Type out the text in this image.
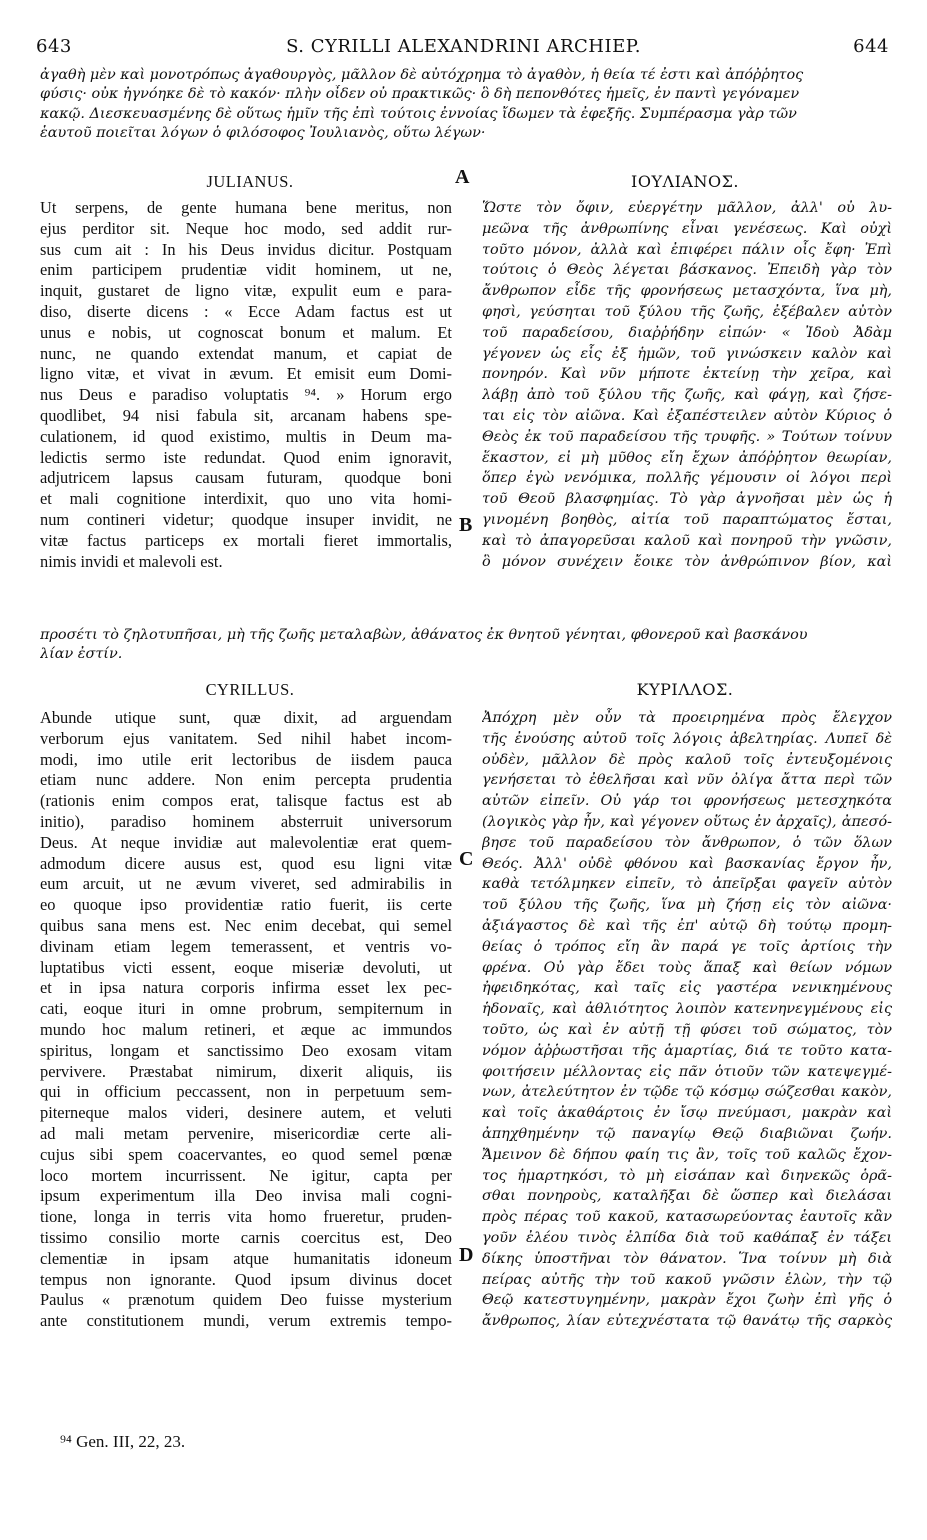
643	S. CYRILLI ALEXANDRINI ARCHIEP.	644
ἀγαθὴ μὲν καὶ μονοτρόπως ἀγαθουργὸς, μᾶλλον δὲ αὐτόχρημα τὸ ἀγαθὸν, ἡ θεία τέ ἐστι καὶ ἀπόῤῥητος
φύσις· οὐκ ἠγνόηκε δὲ τὸ κακόν· πλὴν οἶδεν οὐ πρακτικῶς· ὃ δὴ πεπονθότες ἡμεῖς, ἐν παντὶ γεγόναμεν
κακῷ. Διεσκευασμένης δὲ οὕτως ἡμῖν τῆς ἐπὶ τούτοις ἐννοίας ἴδωμεν τὰ ἐφεξῆς. Συμπέρασμα γὰρ τῶν
ἑαυτοῦ ποιεῖται λόγων ὁ φιλόσοφος Ἰουλιανὸς, οὕτω λέγων·
JULIANUS.	ΙΟΥΛΙΑΝΟΣ.
A
Ut serpens, de gente humana bene meritus, non
ejus perditor sit. Neque hoc modo, sed addit rur-
sus cum ait : In his Deus invidus dicitur. Postquam
enim participem prudentiæ vidit hominem, ut ne,
inquit, gustaret de ligno vitæ, expulit eum e para-
diso, diserte dicens : « Ecce Adam factus est ut
unus e nobis, ut cognoscat bonum et malum. Et
nunc, ne quando extendat manum, et capiat de
ligno vitæ, et vivat in ævum. Et emisit eum Domi-
nus Deus e paradiso voluptatis ⁹⁴. » Horum ergo
quodlibet, 94 nisi fabula sit, arcanam habens spe-
culationem, id quod existimo, multis in Deum ma-
ledictis sermo iste redundat. Quod enim ignoravit,
adjutricem lapsus causam futuram, quodque boni
et mali cognitione interdixit, quo uno vita homi-
num contineri videtur; quodque insuper invidit, ne
vitæ factus particeps ex mortali fieret immortalis,
nimis invidi et malevoli est.
Ὥστε τὸν ὄφιν, εὐεργέτην μᾶλλον, ἀλλ' οὐ λυ-
μεῶνα τῆς ἀνθρωπίνης εἶναι γενέσεως. Καὶ οὐχὶ
τοῦτο μόνον, ἀλλὰ καὶ ἐπιφέρει πάλιν οἷς ἔφη· Ἐπὶ
τούτοις ὁ Θεὸς λέγεται βάσκανος. Ἐπειδὴ γὰρ τὸν
ἄνθρωπον εἶδε τῆς φρονήσεως μετασχόντα, ἵνα μὴ,
φησὶ, γεύσηται τοῦ ξύλου τῆς ζωῆς, ἐξέβαλεν αὐτὸν
τοῦ παραδείσου, διαῤῥήδην εἰπών· « Ἰδοὺ Ἀδὰμ
γέγονεν ὡς εἷς ἐξ ἡμῶν, τοῦ γινώσκειν καλὸν καὶ
πονηρόν. Καὶ νῦν μήποτε ἐκτείνῃ τὴν χεῖρα, καὶ
λάβῃ ἀπὸ τοῦ ξύλου τῆς ζωῆς, καὶ φάγῃ, καὶ ζήσε-
ται εἰς τὸν αἰῶνα. Καὶ ἐξαπέστειλεν αὐτὸν Κύριος ὁ
Θεὸς ἐκ τοῦ παραδείσου τῆς τρυφῆς. » Τούτων τοίνυν
ἕκαστον, εἰ μὴ μῦθος εἴη ἔχων ἀπόῤῥητον θεωρίαν,
ὅπερ ἐγὼ νενόμικα, πολλῆς γέμουσιν οἱ λόγοι περὶ
τοῦ Θεοῦ βλασφημίας. Τὸ γὰρ ἀγνοῆσαι μὲν ὡς ἡ
γινομένη βοηθὸς, αἰτία τοῦ παραπτώματος ἔσται,
καὶ τὸ ἀπαγορεῦσαι καλοῦ καὶ πονηροῦ τὴν γνῶσιν,
ὃ μόνον συνέχειν ἔοικε τὸν ἀνθρώπινον βίον, καὶ
B
προσέτι τὸ ζηλοτυπῆσαι, μὴ τῆς ζωῆς μεταλαβὼν, ἀθάνατος ἐκ θνητοῦ γένηται, φθονεροῦ καὶ βασκάνου
λίαν ἐστίν.
CYRILLUS.	ΚΥΡΙΛΛΟΣ.
Abunde utique sunt, quæ dixit, ad arguendam
verborum ejus vanitatem. Sed nihil habet incom-
modi, imo utile erit lectoribus de iisdem pauca
etiam nunc addere. Non enim percepta prudentia
(rationis enim compos erat, talisque factus est ab
initio), paradiso hominem absterruit universorum
Deus. At neque invidiæ aut malevolentiæ erat quem-
admodum dicere ausus est, quod esu ligni vitæ
eum arcuit, ut ne ævum viveret, sed admirabilis in
eo quoque ipso providentiæ ratio fuerit, iis certe
quibus sana mens est. Nec enim decebat, qui semel
divinam etiam legem temerassent, et ventris vo-
luptatibus victi essent, eoque miseriæ devoluti, ut
et in ipsa natura corporis infirma esset lex pec-
cati, eoque ituri in omne probrum, sempiternum in
mundo hoc malum retineri, et æque ac immundos
spiritus, longam et sanctissimo Deo exosam vitam
pervivere. Præstabat nimirum, dixerit aliquis, iis
qui in officium peccassent, non in perpetuum sem-
piterneque malos videri, desinere autem, et veluti
ad mali metam pervenire, misericordiæ certe ali-
cujus sibi spem coacervantes, eo quod semel pœnæ
loco mortem incurrissent. Ne igitur, capta per
ipsum experimentum illa Deo invisa mali cogni-
tione, longa in terris vita homo frueretur, pruden-
tissimo consilio morte carnis coercitus est, Deo
clementiæ in ipsam atque humanitatis idoneum
tempus non ignorante. Quod ipsum divinus docet
Paulus « prænotum quidem Deo fuisse mysterium
ante constitutionem mundi, verum extremis tempo-
Ἀπόχρη μὲν οὖν τὰ προειρημένα πρὸς ἔλεγχον
τῆς ἐνούσης αὐτοῦ τοῖς λόγοις ἀβελτηρίας. Λυπεῖ δὲ
οὐδὲν, μᾶλλον δὲ πρὸς καλοῦ τοῖς ἐντευξομένοις
γενήσεται τὸ ἐθελῆσαι καὶ νῦν ὀλίγα ἄττα περὶ τῶν
αὐτῶν εἰπεῖν. Οὐ γάρ τοι φρονήσεως μετεσχηκότα
(λογικὸς γὰρ ἦν, καὶ γέγονεν οὕτως ἐν ἀρχαῖς), ἀπεσό-
βησε τοῦ παραδείσου τὸν ἄνθρωπον, ὁ τῶν ὅλων
Θεός. Ἀλλ' οὐδὲ φθόνου καὶ βασκανίας ἔργον ἦν,
καθὰ τετόλμηκεν εἰπεῖν, τὸ ἀπεῖρξαι φαγεῖν αὐτὸν
τοῦ ξύλου τῆς ζωῆς, ἵνα μὴ ζήσῃ εἰς τὸν αἰῶνα·
ἀξιάγαστος δὲ καὶ τῆς ἐπ' αὐτῷ δὴ τούτῳ προμη-
θείας ὁ τρόπος εἴη ἂν παρά γε τοῖς ἀρτίοις τὴν
φρένα. Οὐ γὰρ ἔδει τοὺς ἅπαξ καὶ θείων νόμων
ἠφειδηκότας, καὶ ταῖς εἰς γαστέρα νενικημένους
ἡδοναῖς, καὶ ἀθλιότητος λοιπὸν κατενηνεγμένους εἰς
τοῦτο, ὡς καὶ ἐν αὐτῇ τῇ φύσει τοῦ σώματος, τὸν
νόμον ἀῤῥωστῆσαι τῆς ἁμαρτίας, διά τε τοῦτο κατα-
φοιτήσειν μέλλοντας εἰς πᾶν ὁτιοῦν τῶν κατεψεγμέ-
νων, ἀτελεύτητον ἐν τῷδε τῷ κόσμῳ σώζεσθαι κακὸν,
καὶ τοῖς ἀκαθάρτοις ἐν ἴσῳ πνεύμασι, μακρὰν καὶ
ἀπηχθημένην τῷ παναγίῳ Θεῷ διαβιῶναι ζωήν.
Ἄμεινον δὲ δήπου φαίη τις ἂν, τοῖς τοῦ καλῶς ἔχον-
τος ἡμαρτηκόσι, τὸ μὴ εἰσάπαν καὶ διηνεκῶς ὁρᾶ-
σθαι πονηροὺς, καταλῆξαι δὲ ὥσπερ καὶ διελάσαι
πρὸς πέρας τοῦ κακοῦ, κατασωρεύοντας ἑαυτοῖς κἂν
γοῦν ἐλέου τινὸς ἐλπίδα διὰ τοῦ καθάπαξ ἐν τάξει
δίκης ὑποστῆναι τὸν θάνατον. Ἵνα τοίνυν μὴ διὰ
πείρας αὐτῆς τὴν τοῦ κακοῦ γνῶσιν ἑλὼν, τὴν τῷ
Θεῷ κατεστυγημένην, μακρὰν ἔχοι ζωὴν ἐπὶ γῆς ὁ
ἄνθρωπος, λίαν εὐτεχνέστατα τῷ θανάτῳ τῆς σαρκὸς
C
D
⁹⁴ Gen. III, 22, 23.
